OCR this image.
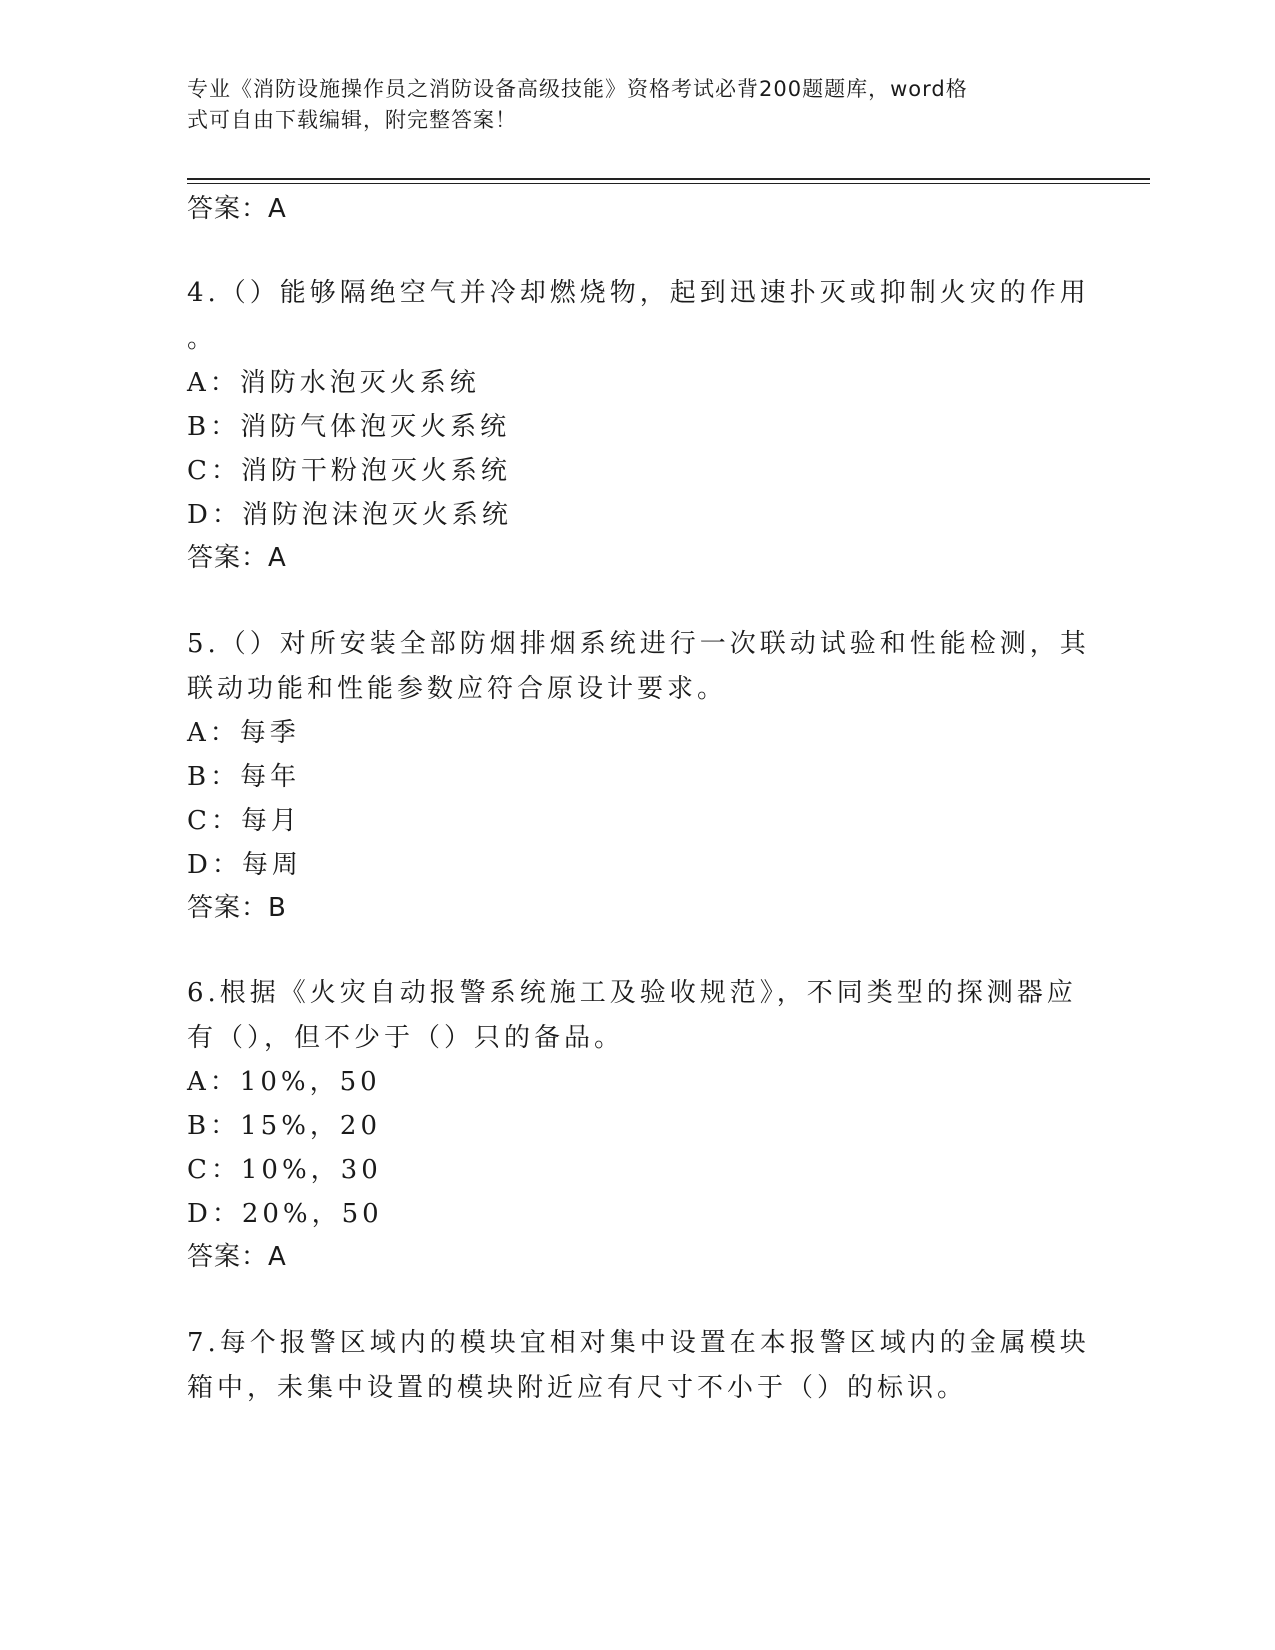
专业《消防设施操作员之消防设备高级技能》资格考试必背200题题库，word格
式可自由下载编辑，附完整答案！
答案：A
4.（）能够隔绝空气并冷却燃烧物，起到迅速扑灭或抑制火灾的作用
。
A：消防水泡灭火系统
B：消防气体泡灭火系统
C：消防干粉泡灭火系统
D：消防泡沫泡灭火系统
答案：A
5.（）对所安装全部防烟排烟系统进行一次联动试验和性能检测，其
联动功能和性能参数应符合原设计要求。
A：每季
B：每年
C：每月
D：每周
答案：B
6.根据《火灾自动报警系统施工及验收规范》，不同类型的探测器应
有（），但不少于（）只的备品。
A：10%，50
B：15%，20
C：10%，30
D：20%，50
答案：A
7.每个报警区域内的模块宜相对集中设置在本报警区域内的金属模块
箱中，未集中设置的模块附近应有尺寸不小于（）的标识。
